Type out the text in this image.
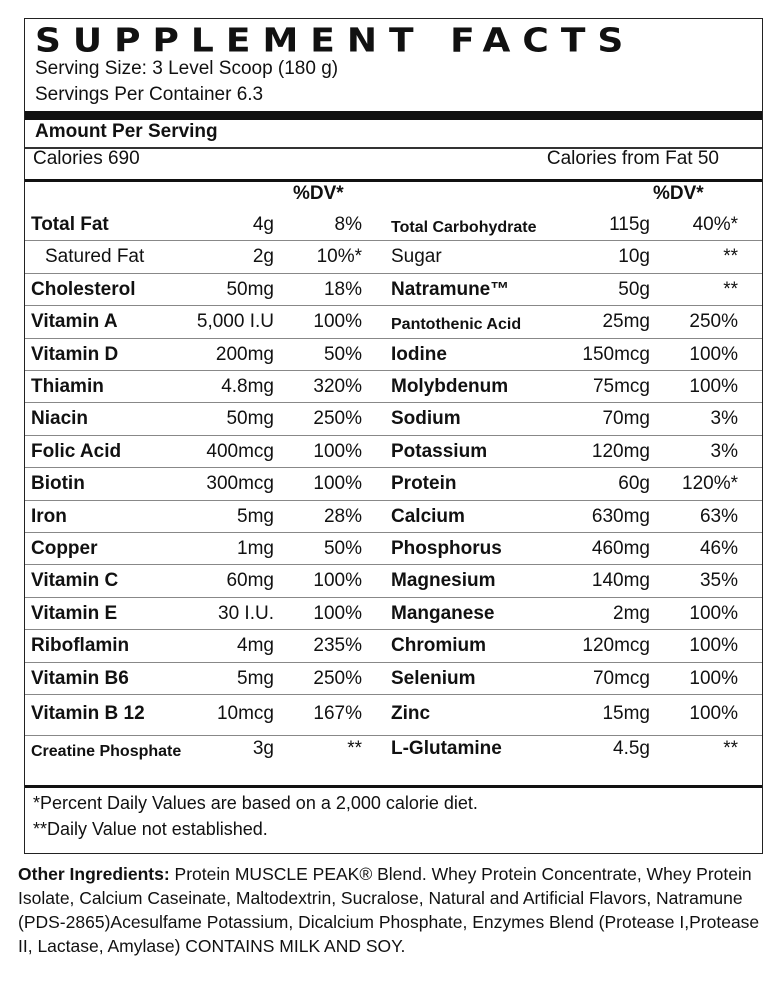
SUPPLEMENT FACTS
Serving Size: 3 Level Scoop (180 g)
Servings Per Container 6.3
Amount Per Serving
Calories 690	Calories from Fat 50
%DV*	%DV*
Total Fat	4g	8% Total Carbohydrate	115g 40%*
Satured Fat	2g 10%* Sugar	10g	**
Cholesterol	50mg	18% Natramune™	50g	**
Vitamin A	5,000 I.U 100% Pantothenic Acid	25mg 250%
Vitamin D	200mg	50% Iodine	150mcg 100%
Thiamin	4.8mg 320% Molybdenum	75mcg 100%
Niacin	50mg 250% Sodium	70mg	3%
Folic Acid	400mcg 100% Potassium	120mg	3%
Biotin	300mcg 100% Protein	60g 120%*
Iron	5mg	28% Calcium	630mg	63%
Copper	1mg	50% Phosphorus	460mg	46%
Vitamin C	60mg 100% Magnesium	140mg	35%
Vitamin E	30 I.U. 100% Manganese	2mg 100%
Riboflamin	4mg 235% Chromium	120mcg 100%
Vitamin B6	5mg 250% Selenium	70mcg 100%
Vitamin B 12	10mcg 167% Zinc	15mg 100%
Creatine Phosphate	3g	** L-Glutamine	4.5g	**
*Percent Daily Values are based on a 2,000 calorie diet.
**Daily Value not established.
Other Ingredients: Protein MUSCLE PEAK® Blend. Whey Protein Concentrate, Whey Protein Isolate, Calcium Caseinate, Maltodextrin, Sucralose, Natural and Artificial Flavors, Natramune (PDS-2865)Acesulfame Potassium, Dicalcium Phosphate, Enzymes Blend (Protease I,Protease II, Lactase, Amylase) CONTAINS MILK AND SOY.
